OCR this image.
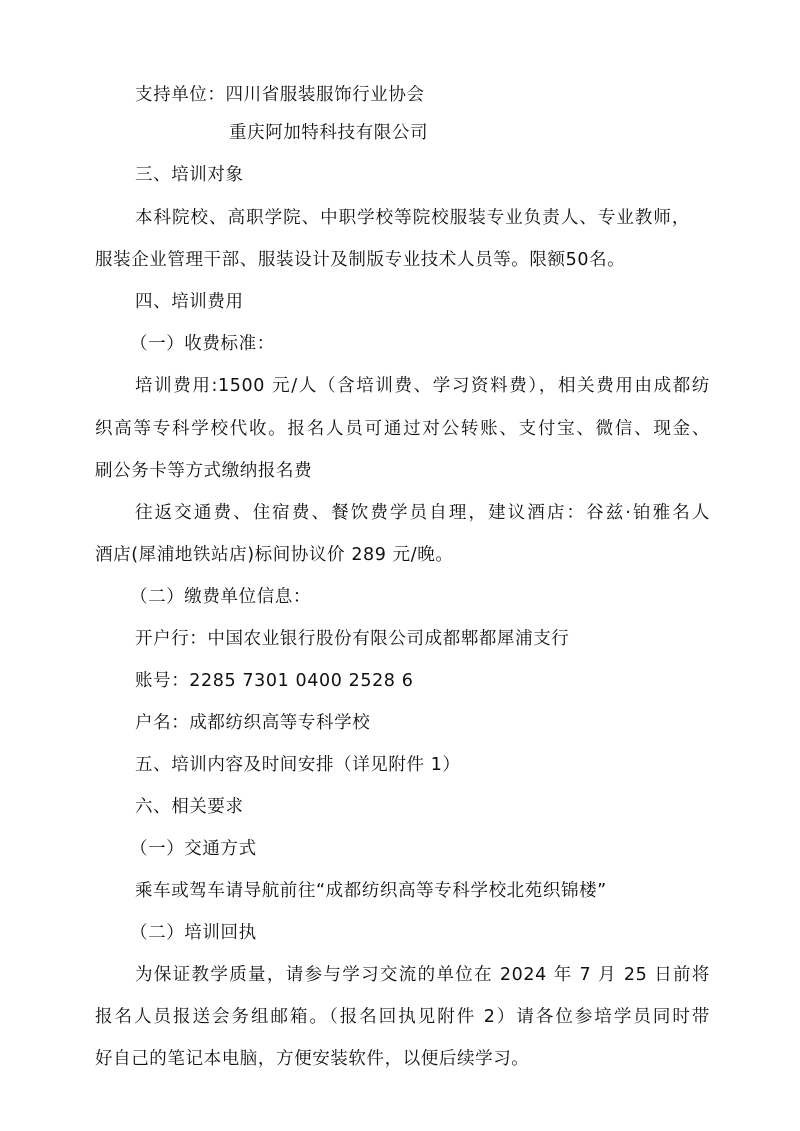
支持单位：四川省服装服饰行业协会
重庆阿加特科技有限公司
三、培训对象
本科院校、高职学院、中职学校等院校服装专业负责人、专业教师，
服装企业管理干部、服装设计及制版专业技术人员等。限额50名。
四、培训费用
（一）收费标准：
培训费用:1500 元/人（含培训费、学习资料费），相关费用由成都纺
织高等专科学校代收。报名人员可通过对公转账、支付宝、微信、现金、
刷公务卡等方式缴纳报名费
往返交通费、住宿费、餐饮费学员自理，建议酒店：谷兹·铂雅名人
酒店(犀浦地铁站店)标间协议价 289 元/晚。
（二）缴费单位信息：
开户行：中国农业银行股份有限公司成都郫都犀浦支行
账号：2285 7301 0400 2528 6
户名：成都纺织高等专科学校
五、培训内容及时间安排（详见附件 1）
六、相关要求
（一）交通方式
乘车或驾车请导航前往“成都纺织高等专科学校北苑织锦楼”
（二）培训回执
为保证教学质量，请参与学习交流的单位在 2024 年 7 月 25 日前将
报名人员报送会务组邮箱。（报名回执见附件 2）请各位参培学员同时带
好自己的笔记本电脑，方便安装软件，以便后续学习。
